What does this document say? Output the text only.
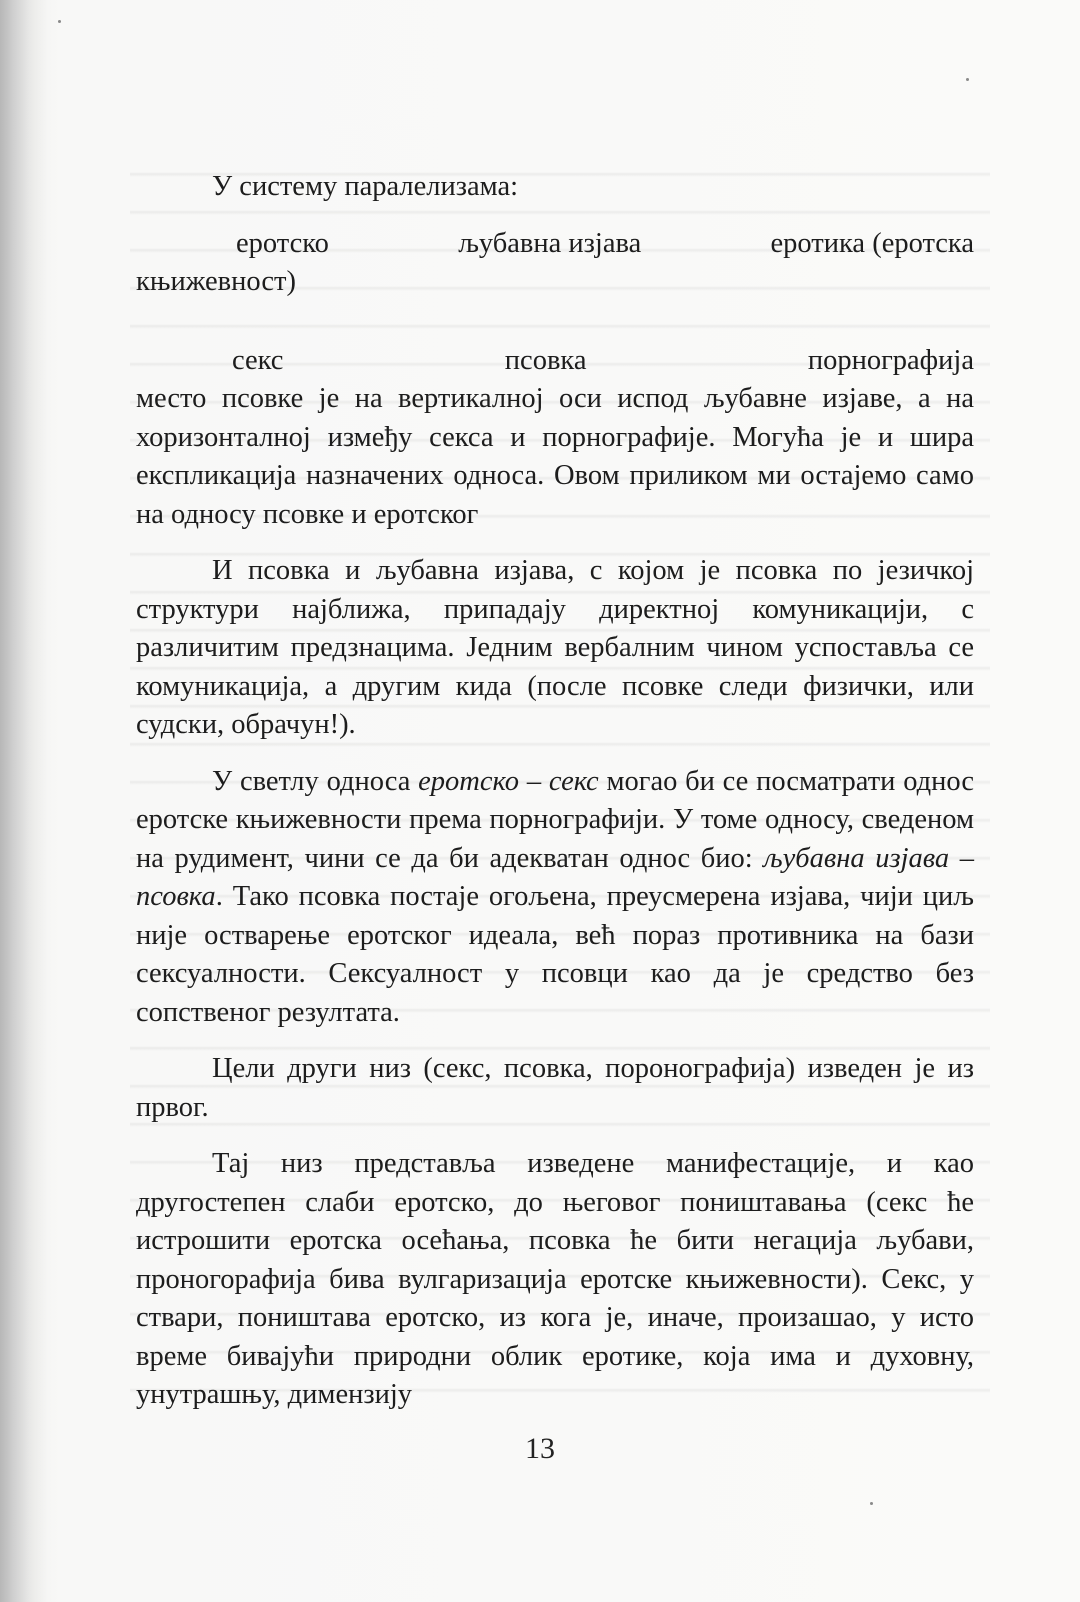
У систему паралелизама:

еротско	љубавна изјава	еротика (еротска
књижевност)
секс	псовка	порнографија

место псовке је на вертикалној оси испод љубавне изјаве, а на хоризонталној између секса и порнографије. Могућа је и шира експликација назначених односа. Овом приликом ми остајемо само на односу псовке и еротског

И псовка и љубавна изјава, с којом је псовка по језичкој структури најближа, припадају директној комуникацији, с различитим предзнацима. Једним вербалним чином успоставља се комуникација, а другим кида (после псовке следи физички, или судски, обрачун!).

У светлу односа еротско – секс могао би се посматрати однос еротске књижевности према порнографији. У томе односу, сведеном на рудимент, чини се да би адекватан однос био: љубавна изјава – псовка. Тако псовка постаје огољена, преусмерена изјава, чији циљ није остварење еротског идеала, већ пораз противника на бази сексуалности. Сексуалност у псовци као да је средство без сопственог резултата.

Цели други низ (секс, псовка, порoнографија) изведен је из првог.

Тај низ представља изведене манифестације, и као другостепен слаби еротско, до његовог поништавања (секс ће истрошити еротска осећања, псовка ће бити негација љубави, проногорафија бива вулгаризација еротске књижевности). Секс, у ствари, поништава еротско, из кога је, иначе, произашао, у исто време бивајући природни облик еротике, која има и духовну, унутрашњу, димензију

13
